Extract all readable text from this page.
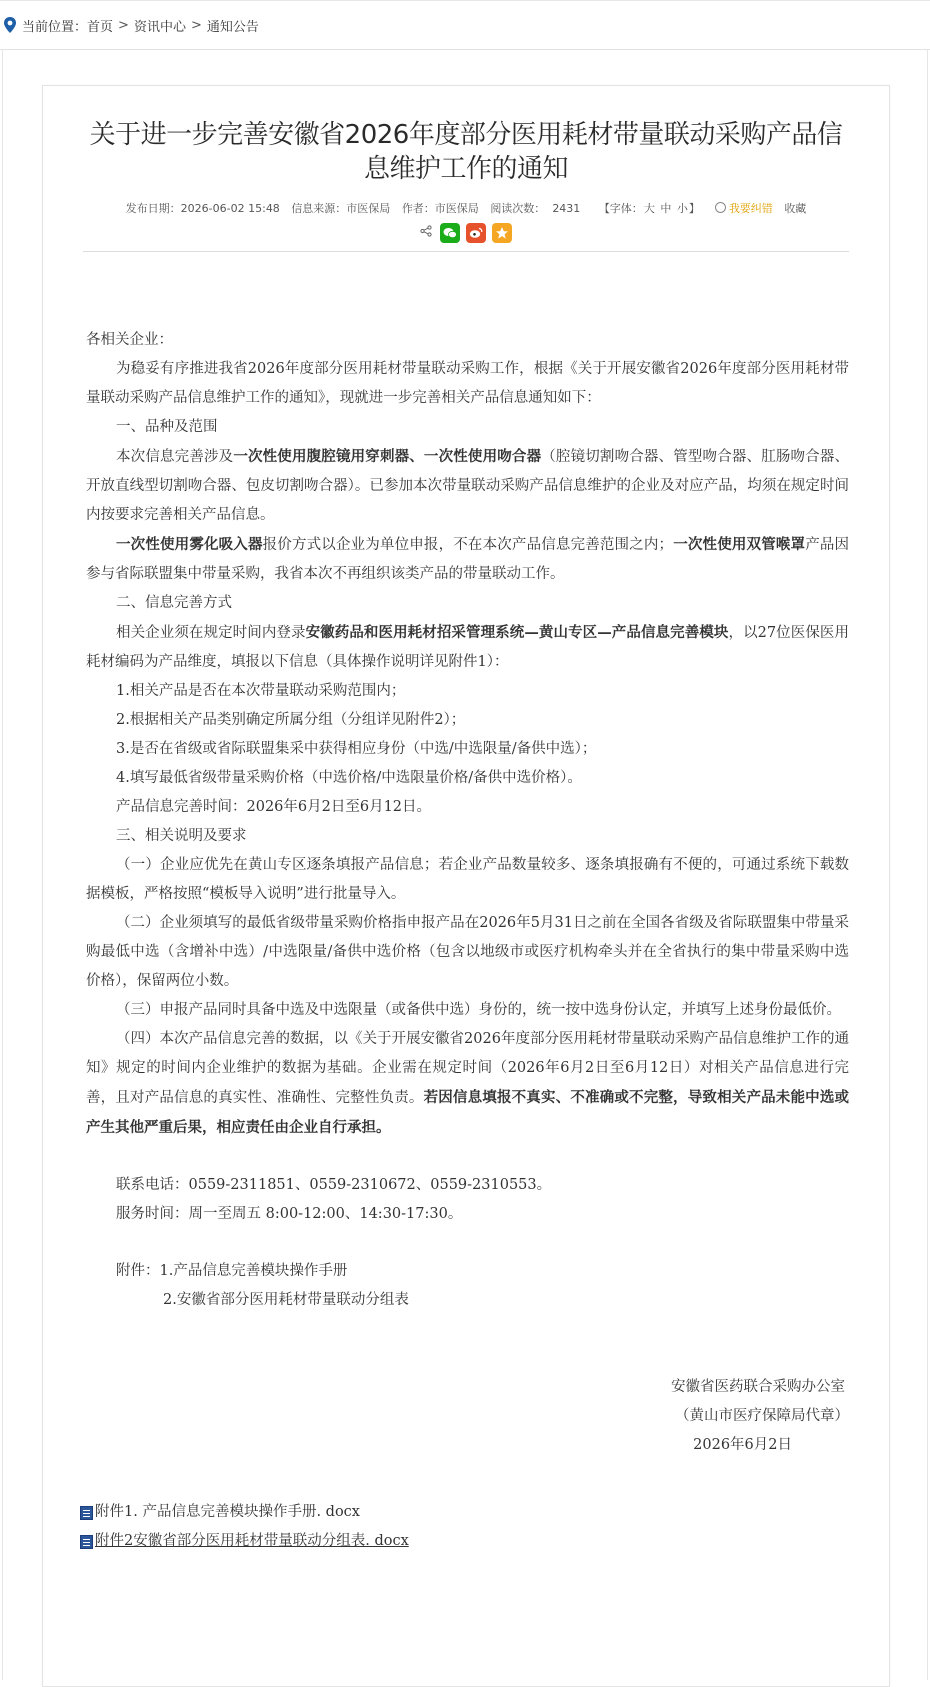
当前位置： 首页 > 资讯中心 > 通知公告
关于进一步完善安徽省2026年度部分医用耗材带量联动采购产品信息维护工作的通知
发布日期：2026-06-02 15:48 信息来源：市医保局 作者：市医保局 阅读次数： 2431 【字体：大 中 小】	我要纠错 收藏

各相关企业：

为稳妥有序推进我省2026年度部分医用耗材带量联动采购工作，根据《关于开展安徽省2026年度部分医用耗材带量联动采购产品信息维护工作的通知》，现就进一步完善相关产品信息通知如下：

一、品种及范围

本次信息完善涉及一次性使用腹腔镜用穿刺器、一次性使用吻合器（腔镜切割吻合器、管型吻合器、肛肠吻合器、开放直线型切割吻合器、包皮切割吻合器）。已参加本次带量联动采购产品信息维护的企业及对应产品，均须在规定时间内按要求完善相关产品信息。

一次性使用雾化吸入器报价方式以企业为单位申报，不在本次产品信息完善范围之内；一次性使用双管喉罩产品因参与省际联盟集中带量采购，我省本次不再组织该类产品的带量联动工作。

二、信息完善方式

相关企业须在规定时间内登录安徽药品和医用耗材招采管理系统—黄山专区—产品信息完善模块，以27位医保医用耗材编码为产品维度，填报以下信息（具体操作说明详见附件1）：

1.相关产品是否在本次带量联动采购范围内；

2.根据相关产品类别确定所属分组（分组详见附件2）；

3.是否在省级或省际联盟集采中获得相应身份（中选/中选限量/备供中选）；

4.填写最低省级带量采购价格（中选价格/中选限量价格/备供中选价格）。

产品信息完善时间：2026年6月2日至6月12日。

三、相关说明及要求

（一）企业应优先在黄山专区逐条填报产品信息；若企业产品数量较多、逐条填报确有不便的，可通过系统下载数据模板，严格按照“模板导入说明”进行批量导入。

（二）企业须填写的最低省级带量采购价格指申报产品在2026年5月31日之前在全国各省级及省际联盟集中带量采购最低中选（含增补中选）/中选限量/备供中选价格（包含以地级市或医疗机构牵头并在全省执行的集中带量采购中选价格），保留两位小数。

（三）申报产品同时具备中选及中选限量（或备供中选）身份的，统一按中选身份认定，并填写上述身份最低价。

（四）本次产品信息完善的数据，以《关于开展安徽省2026年度部分医用耗材带量联动采购产品信息维护工作的通知》规定的时间内企业维护的数据为基础。企业需在规定时间（2026年6月2日至6月12日）对相关产品信息进行完善，且对产品信息的真实性、准确性、完整性负责。若因信息填报不真实、不准确或不完整，导致相关产品未能中选或产生其他严重后果，相应责任由企业自行承担。

联系电话：0559-2311851、0559-2310672、0559-2310553。

服务时间：周一至周五 8:00-12:00、14:30-17:30。

附件：1.产品信息完善模块操作手册

2.安徽省部分医用耗材带量联动分组表

安徽省医药联合采购办公室

（黄山市医疗保障局代章）

2026年6月2日

附件1. 产品信息完善模块操作手册. docx
附件2安徽省部分医用耗材带量联动分组表. docx
